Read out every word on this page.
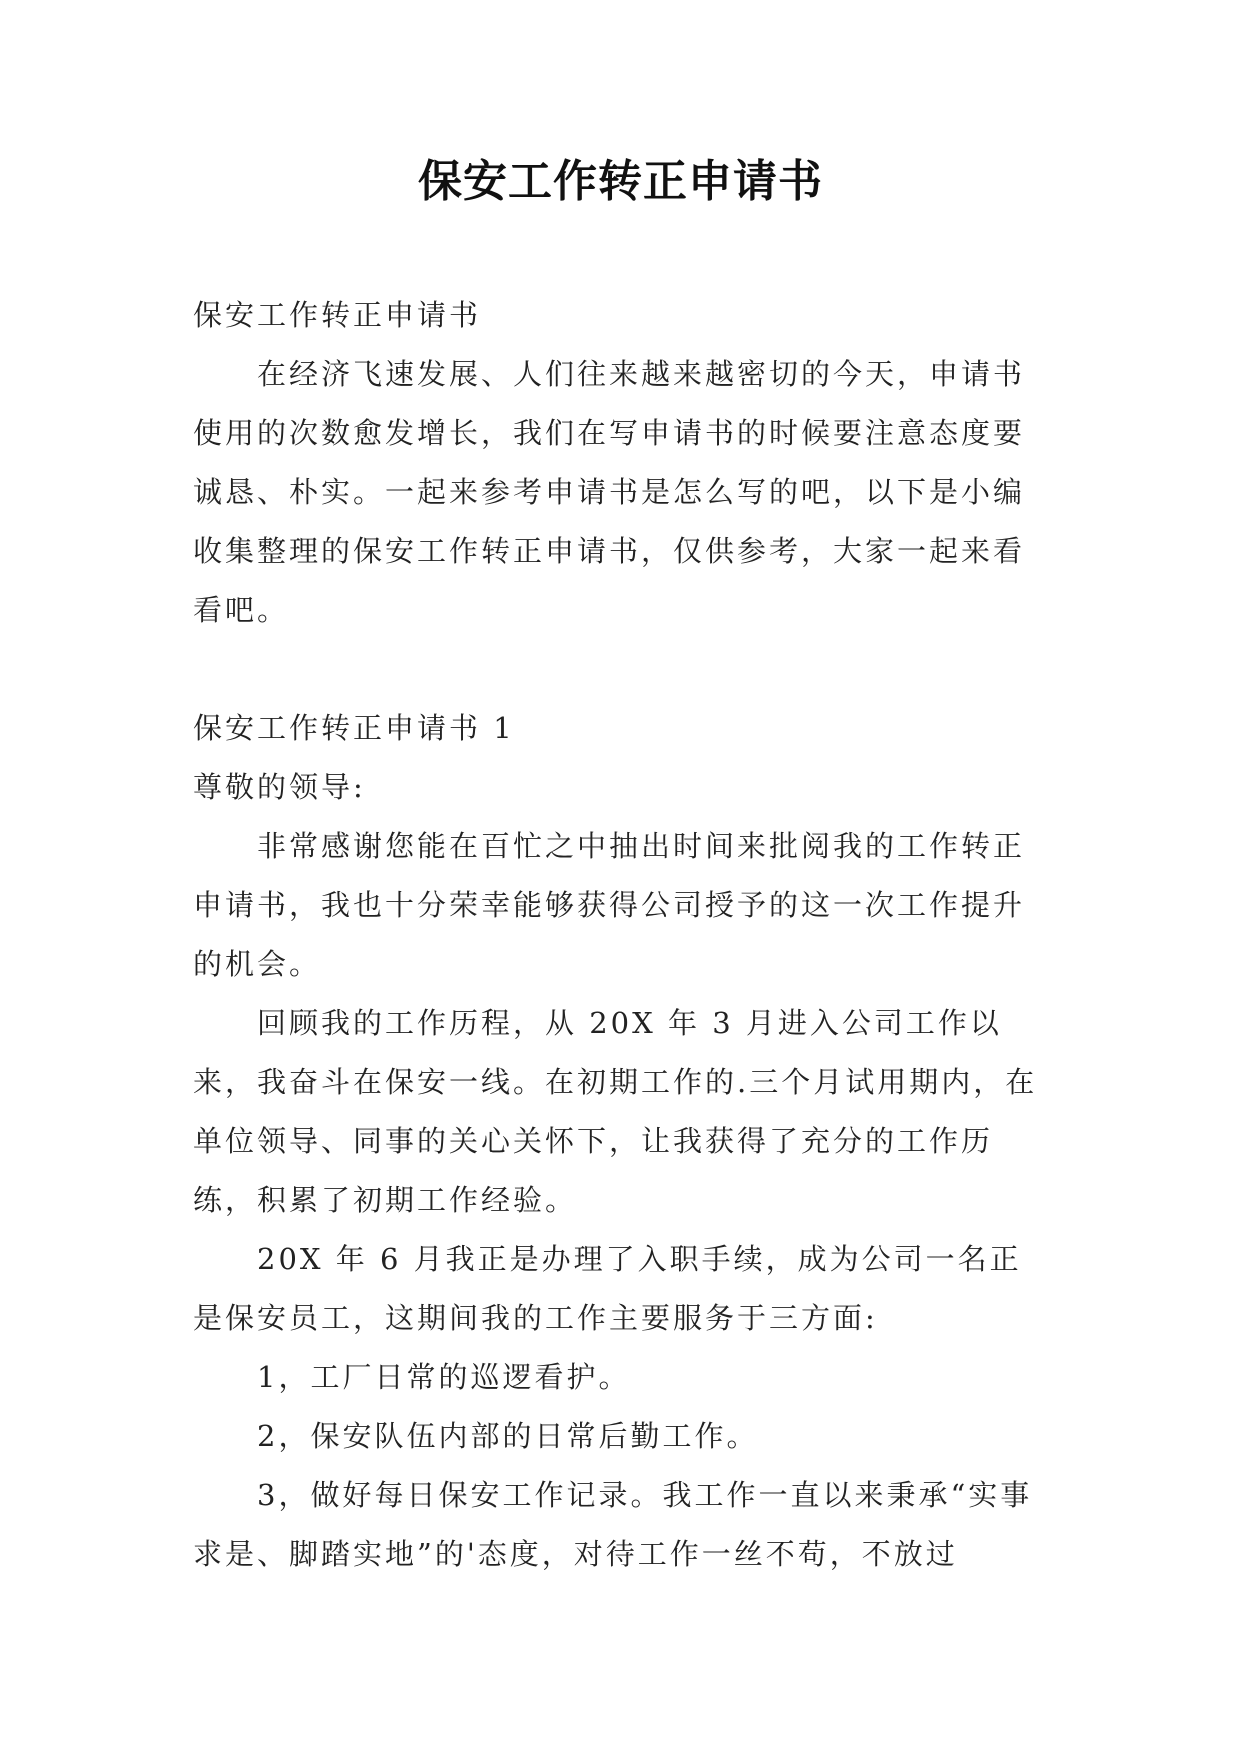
保安工作转正申请书

保安工作转正申请书

在经济飞速发展、人们往来越来越密切的今天，申请书使用的次数愈发增长，我们在写申请书的时候要注意态度要诚恳、朴实。一起来参考申请书是怎么写的吧，以下是小编收集整理的保安工作转正申请书，仅供参考，大家一起来看看吧。

保安工作转正申请书 1

尊敬的领导:

非常感谢您能在百忙之中抽出时间来批阅我的工作转正申请书，我也十分荣幸能够获得公司授予的这一次工作提升的机会。

回顾我的工作历程，从 20X 年 3 月进入公司工作以来，我奋斗在保安一线。在初期工作的.三个月试用期内，在单位领导、同事的关心关怀下，让我获得了充分的工作历练，积累了初期工作经验。

20X 年 6 月我正是办理了入职手续，成为公司一名正是保安员工，这期间我的工作主要服务于三方面:

1，工厂日常的巡逻看护。

2，保安队伍内部的日常后勤工作。

3，做好每日保安工作记录。我工作一直以来秉承“实事求是、脚踏实地”的'态度，对待工作一丝不苟，不放过
